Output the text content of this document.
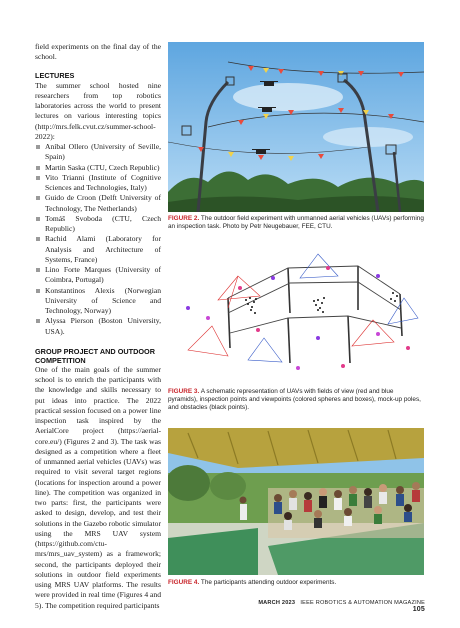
field experiments on the final day of the school.

LECTURES

The summer school hosted nine researchers from top robotics laboratories across the world to present lectures on various interesting topics (http://mrs.felk.cvut.cz/summer-school-2022):

Aníbal Ollero (University of Seville, Spain)
Martin Saska (CTU, Czech Republic)
Vito Trianni (Institute of Cognitive Sciences and Technologies, Italy)
Guido de Croon (Delft University of Technology, The Netherlands)
Tomáš Svoboda (CTU, Czech Republic)
Rachid Alami (Laboratory for Analysis and Architecture of Systems, France)
Lino Forte Marques (University of Coimbra, Portugal)
Konstantinos Alexis (Norwegian University of Science and Technology, Norway)
Alyssa Pierson (Boston University, USA).
GROUP PROJECT AND OUTDOOR
COMPETITION

One of the main goals of the summer school is to enrich the participants with the knowledge and skills necessary to put ideas into practice. The 2022 practical session focused on a power line inspection task inspired by the AerialCore project (https://aerial-core.eu/) (Figures 2 and 3). The task was designed as a competition where a fleet of unmanned aerial vehicles (UAVs) was required to visit several target regions (locations for inspection around a power line). The competition was organized in two parts: first, the participants were asked to design, develop, and test their solutions in the Gazebo robotic simulator using the MRS UAV system (https://github.com/ctu-mrs/mrs_uav_system) as a framework; second, the participants deployed their solutions in outdoor field experiments using MRS UAV platforms. The results were provided in real time (Figures 4 and 5). The competition required participants

FIGURE 2. The outdoor field experiment with unmanned aerial vehicles (UAVs) performing an inspection task. Photo by Petr Neugebauer, FEE, CTU.
FIGURE 3. A schematic representation of UAVs with fields of view (red and blue pyramids), inspection points and viewpoints (colored spheres and boxes), mock-up poles, and obstacles (black points).
FIGURE 4. The participants attending outdoor experiments.
MARCH 2023 IEEE ROBOTICS & AUTOMATION MAGAZINE 105
